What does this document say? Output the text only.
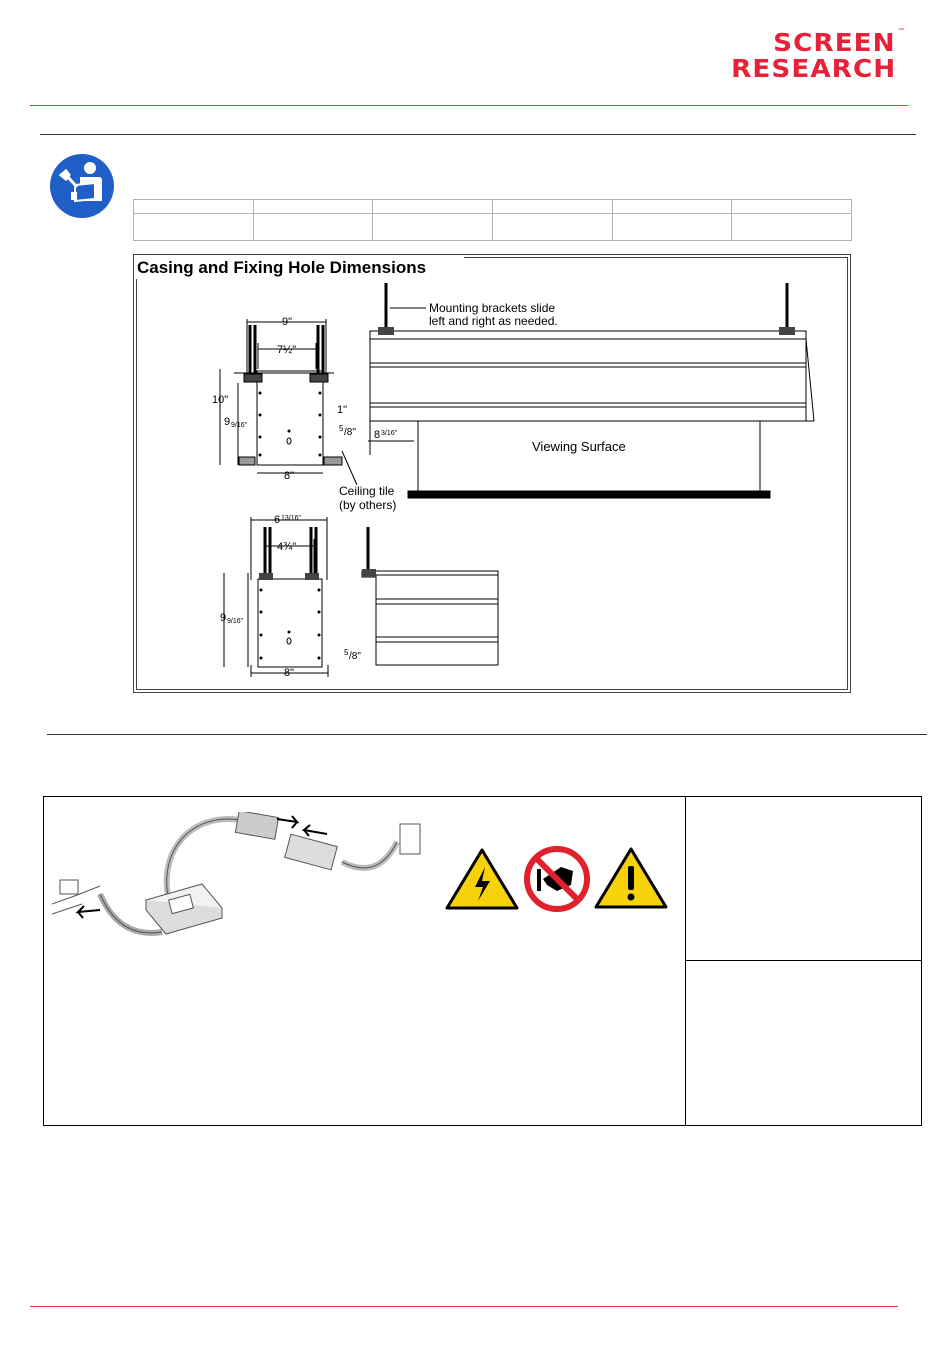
™
SCREEN
RESEARCH

Casing and Fixing Hole Dimensions
9"
7½"
10"
9 9/16"
8"
1"
5 /8" 8 3/16"
Ceiling tile
(by others)
Mounting brackets slide
left and right as needed.
Viewing Surface
6 13/16"
4¾"
9 9/16"
5 /8"
8"
